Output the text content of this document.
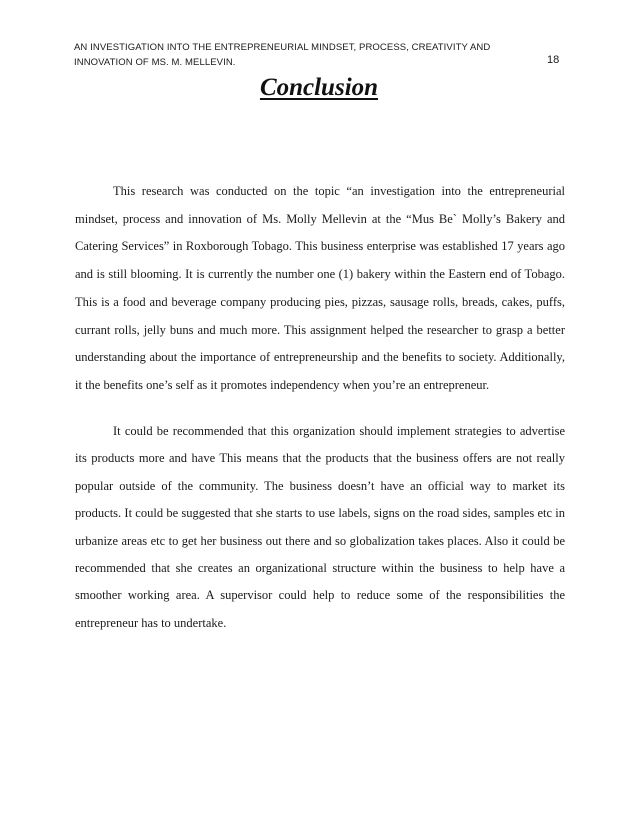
AN INVESTIGATION INTO THE ENTREPRENEURIAL MINDSET, PROCESS, CREATIVITY AND INNOVATION OF MS. M. MELLEVIN.	18
Conclusion

This research was conducted on the topic “an investigation into the entrepreneurial mindset, process and innovation of Ms. Molly Mellevin at the “Mus Be` Molly’s Bakery and Catering Services” in Roxborough Tobago. This business enterprise was established 17 years ago and is still blooming. It is currently the number one (1) bakery within the Eastern end of Tobago. This is a food and beverage company producing pies, pizzas, sausage rolls, breads, cakes, puffs, currant rolls, jelly buns and much more. This assignment helped the researcher to grasp a better understanding about the importance of entrepreneurship and the benefits to society. Additionally, it the benefits one’s self as it promotes independency when you’re an entrepreneur.

It could be recommended that this organization should implement strategies to advertise its products more and have This means that the products that the business offers are not really popular outside of the community. The business doesn’t have an official way to market its products. It could be suggested that she starts to use labels, signs on the road sides, samples etc in urbanize areas etc to get her business out there and so globalization takes places. Also it could be recommended that she creates an organizational structure within the business to help have a smoother working area. A supervisor could help to reduce some of the responsibilities the entrepreneur has to undertake.
